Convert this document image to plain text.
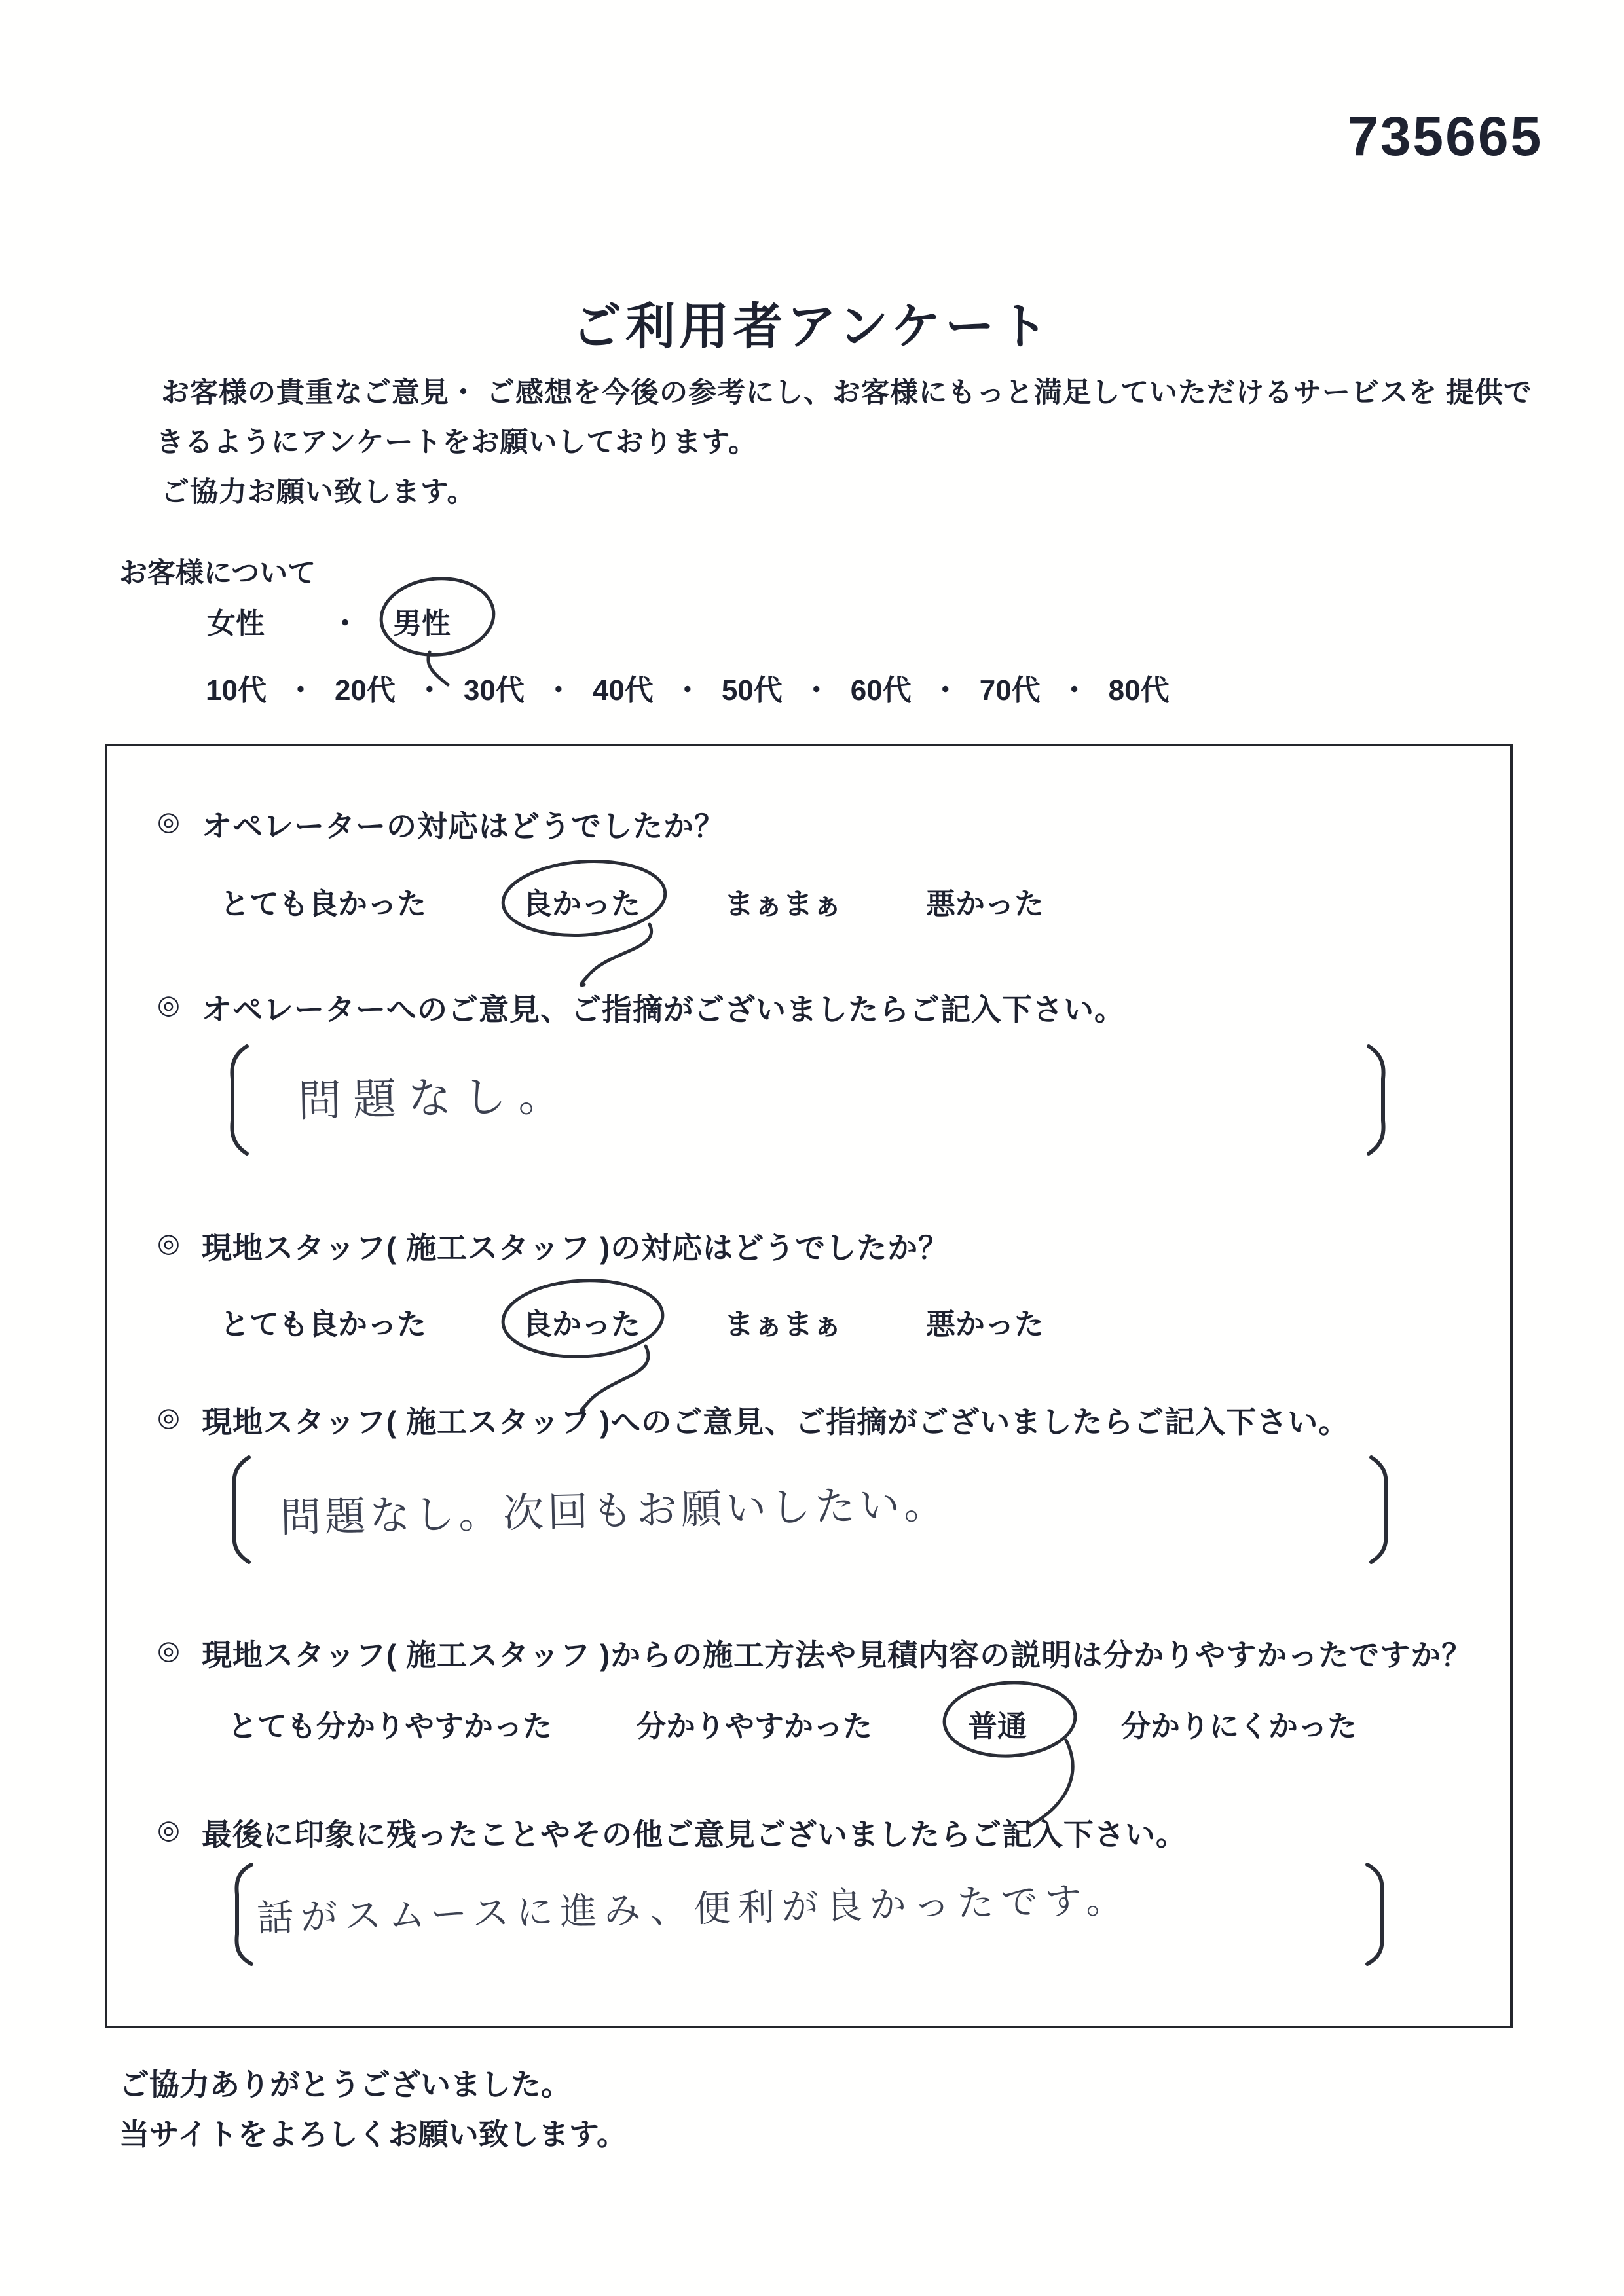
735665
ご利用者アンケート
お客様の貴重なご意見・ ご感想を今後の参考にし、お客様にもっと満足していただけるサービスを 提供で
きるようにアンケートをお願いしております。
ご協力お願い致します。
お客様について
女性 ・ 男性
10代 ・ 20代 ・ 30代 ・ 40代 ・ 50代 ・ 60代 ・ 70代 ・ 80代
◎ オペレーターの対応はどうでしたか？
とても良かった	良かった	まぁまぁ	悪かった
◎ オペレーターへのご意見、ご指摘がございましたらご記入下さい。
問題なし。
◎ 現地スタッフ( 施工スタッフ )の対応はどうでしたか？
とても良かった	良かった	まぁまぁ	悪かった
◎ 現地スタッフ( 施工スタッフ )へのご意見、ご指摘がございましたらご記入下さい。
問題なし。次回もお願いしたい。
◎ 現地スタッフ( 施工スタッフ )からの施工方法や見積内容の説明は分かりやすかったですか？
とても分かりやすかった	分かりやすかった	普通	分かりにくかった
◎ 最後に印象に残ったことやその他ご意見ございましたらご記入下さい。
話がスムースに進み、便利が良かったです。
ご協力ありがとうございました。
当サイトをよろしくお願い致します。
